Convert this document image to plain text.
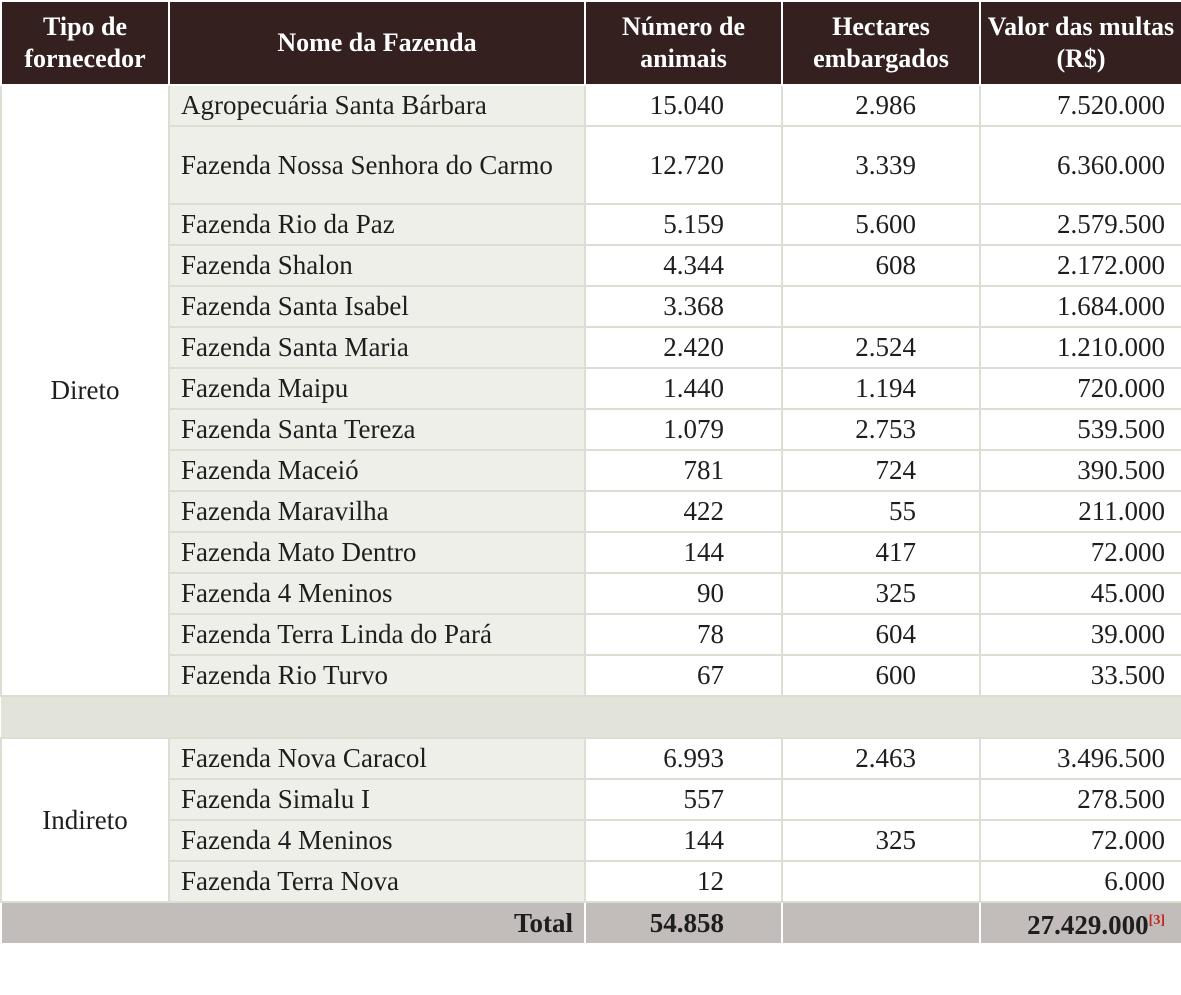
Tipo de fornecedor	Nome da Fazenda	Número de animais	Hectares embargados	Valor das multas (R$)
Direto	Agropecuária Santa Bárbara	15.040	2.986	7.520.000
	Fazenda Nossa Senhora do Carmo	12.720	3.339	6.360.000
	Fazenda Rio da Paz	5.159	5.600	2.579.500
	Fazenda Shalon	4.344	608	2.172.000
	Fazenda Santa Isabel	3.368		1.684.000
	Fazenda Santa Maria	2.420	2.524	1.210.000
	Fazenda Maipu	1.440	1.194	720.000
	Fazenda Santa Tereza	1.079	2.753	539.500
	Fazenda Maceió	781	724	390.500
	Fazenda Maravilha	422	55	211.000
	Fazenda Mato Dentro	144	417	72.000
	Fazenda 4 Meninos	90	325	45.000
	Fazenda Terra Linda do Pará	78	604	39.000
	Fazenda Rio Turvo	67	600	33.500

Indireto	Fazenda Nova Caracol	6.993	2.463	3.496.500
	Fazenda Simalu I	557		278.500
	Fazenda 4 Meninos	144	325	72.000
	Fazenda Terra Nova	12		6.000
Total		54.858		27.429.000[3]
